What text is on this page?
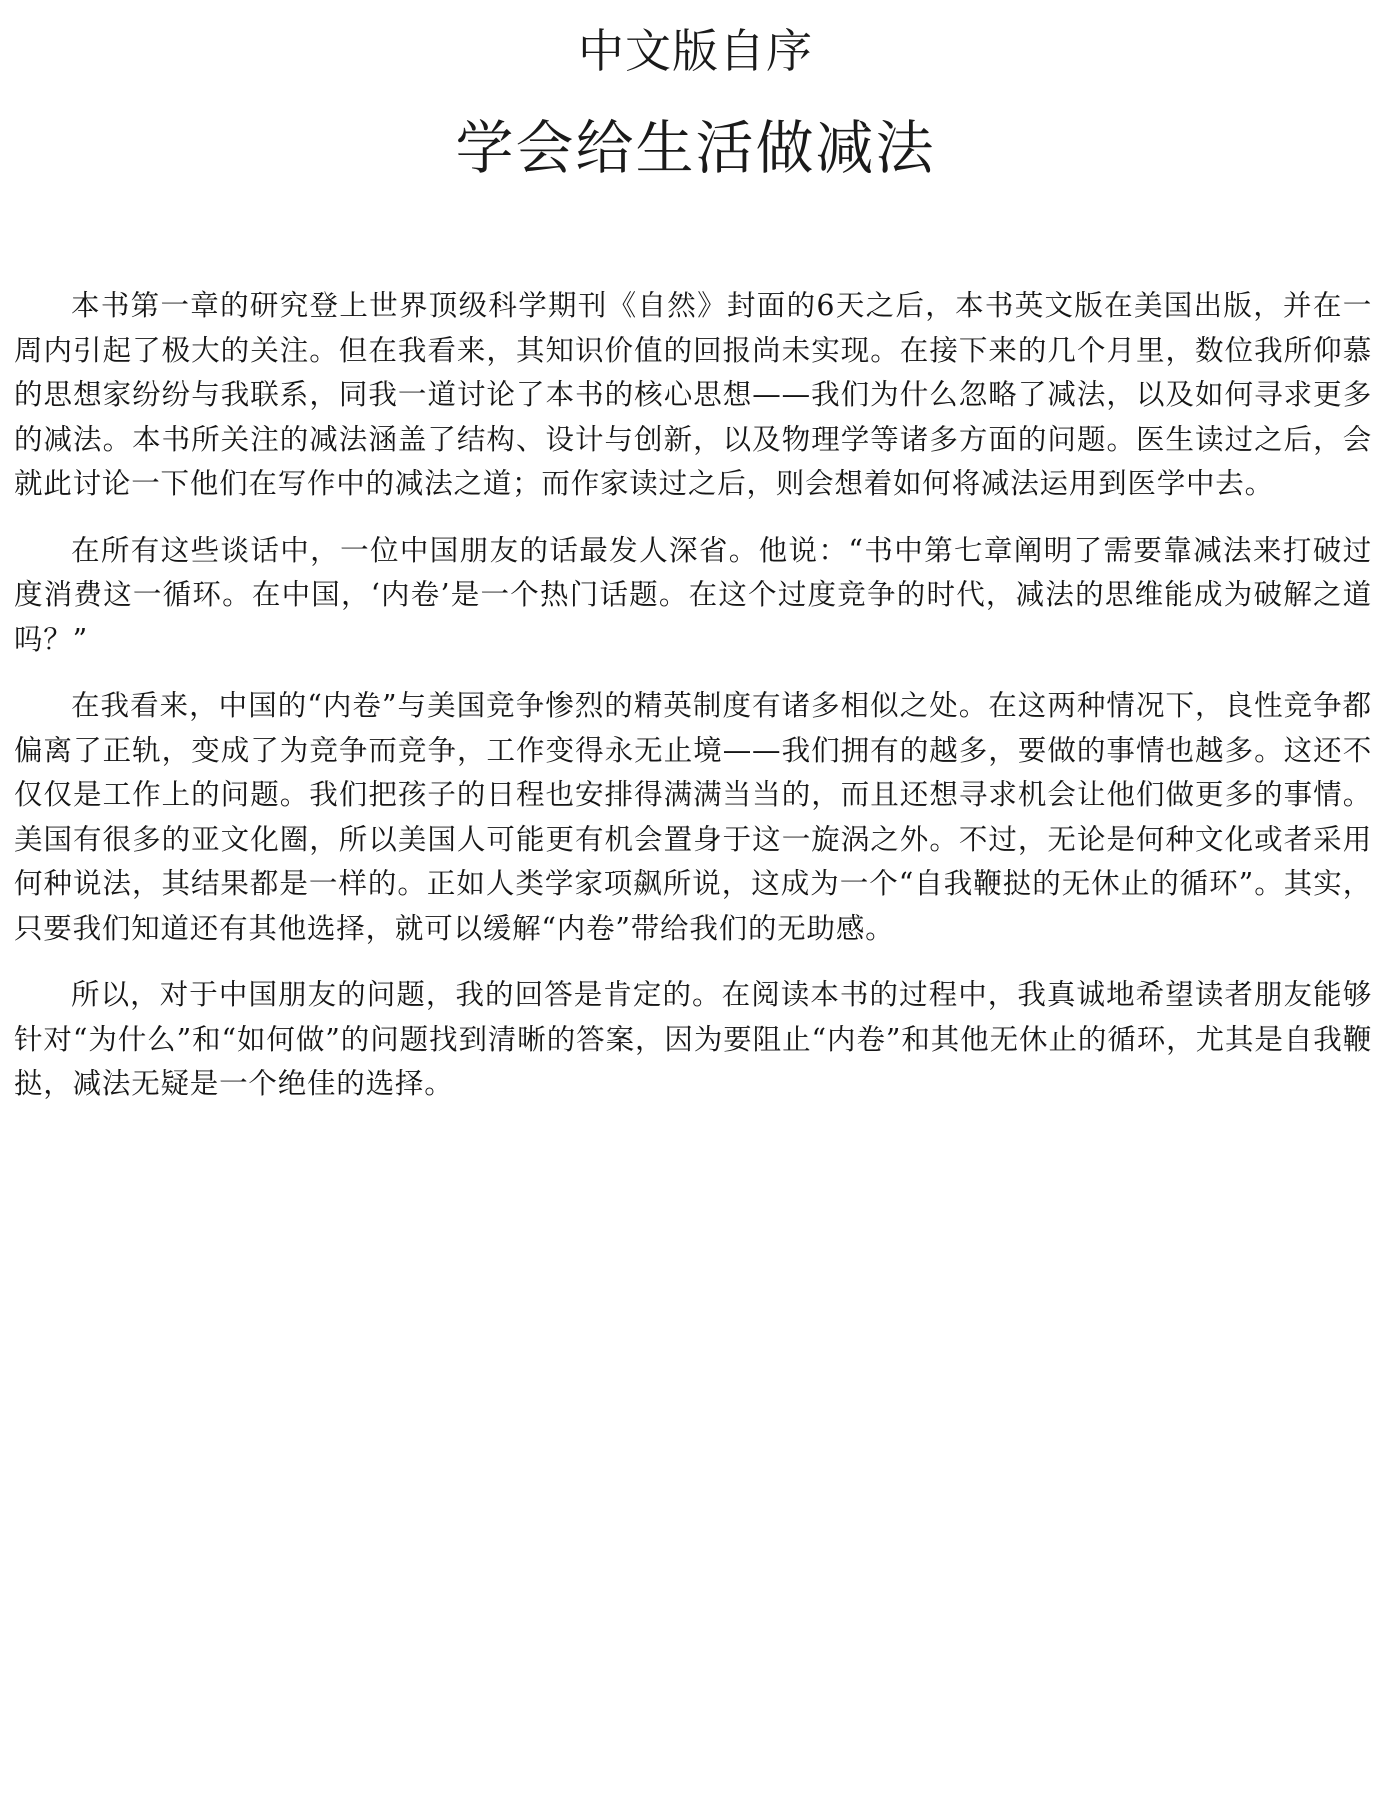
中文版自序
学会给生活做减法

本书第一章的研究登上世界顶级科学期刊《自然》封面的6天之后，本书英文版在美国出版，并在一周内引起了极大的关注。但在我看来，其知识价值的回报尚未实现。在接下来的几个月里，数位我所仰慕的思想家纷纷与我联系，同我一道讨论了本书的核心思想——我们为什么忽略了减法，以及如何寻求更多的减法。本书所关注的减法涵盖了结构、设计与创新，以及物理学等诸多方面的问题。医生读过之后，会就此讨论一下他们在写作中的减法之道；而作家读过之后，则会想着如何将减法运用到医学中去。

在所有这些谈话中，一位中国朋友的话最发人深省。他说：“书中第七章阐明了需要靠减法来打破过度消费这一循环。在中国，‘内卷’是一个热门话题。在这个过度竞争的时代，减法的思维能成为破解之道吗？”

在我看来，中国的“内卷”与美国竞争惨烈的精英制度有诸多相似之处。在这两种情况下，良性竞争都偏离了正轨，变成了为竞争而竞争，工作变得永无止境——我们拥有的越多，要做的事情也越多。这还不仅仅是工作上的问题。我们把孩子的日程也安排得满满当当的，而且还想寻求机会让他们做更多的事情。美国有很多的亚文化圈，所以美国人可能更有机会置身于这一旋涡之外。不过，无论是何种文化或者采用何种说法，其结果都是一样的。正如人类学家项飙所说，这成为一个“自我鞭挞的无休止的循环”。其实，只要我们知道还有其他选择，就可以缓解“内卷”带给我们的无助感。

所以，对于中国朋友的问题，我的回答是肯定的。在阅读本书的过程中，我真诚地希望读者朋友能够针对“为什么”和“如何做”的问题找到清晰的答案，因为要阻止“内卷”和其他无休止的循环，尤其是自我鞭挞，减法无疑是一个绝佳的选择。
